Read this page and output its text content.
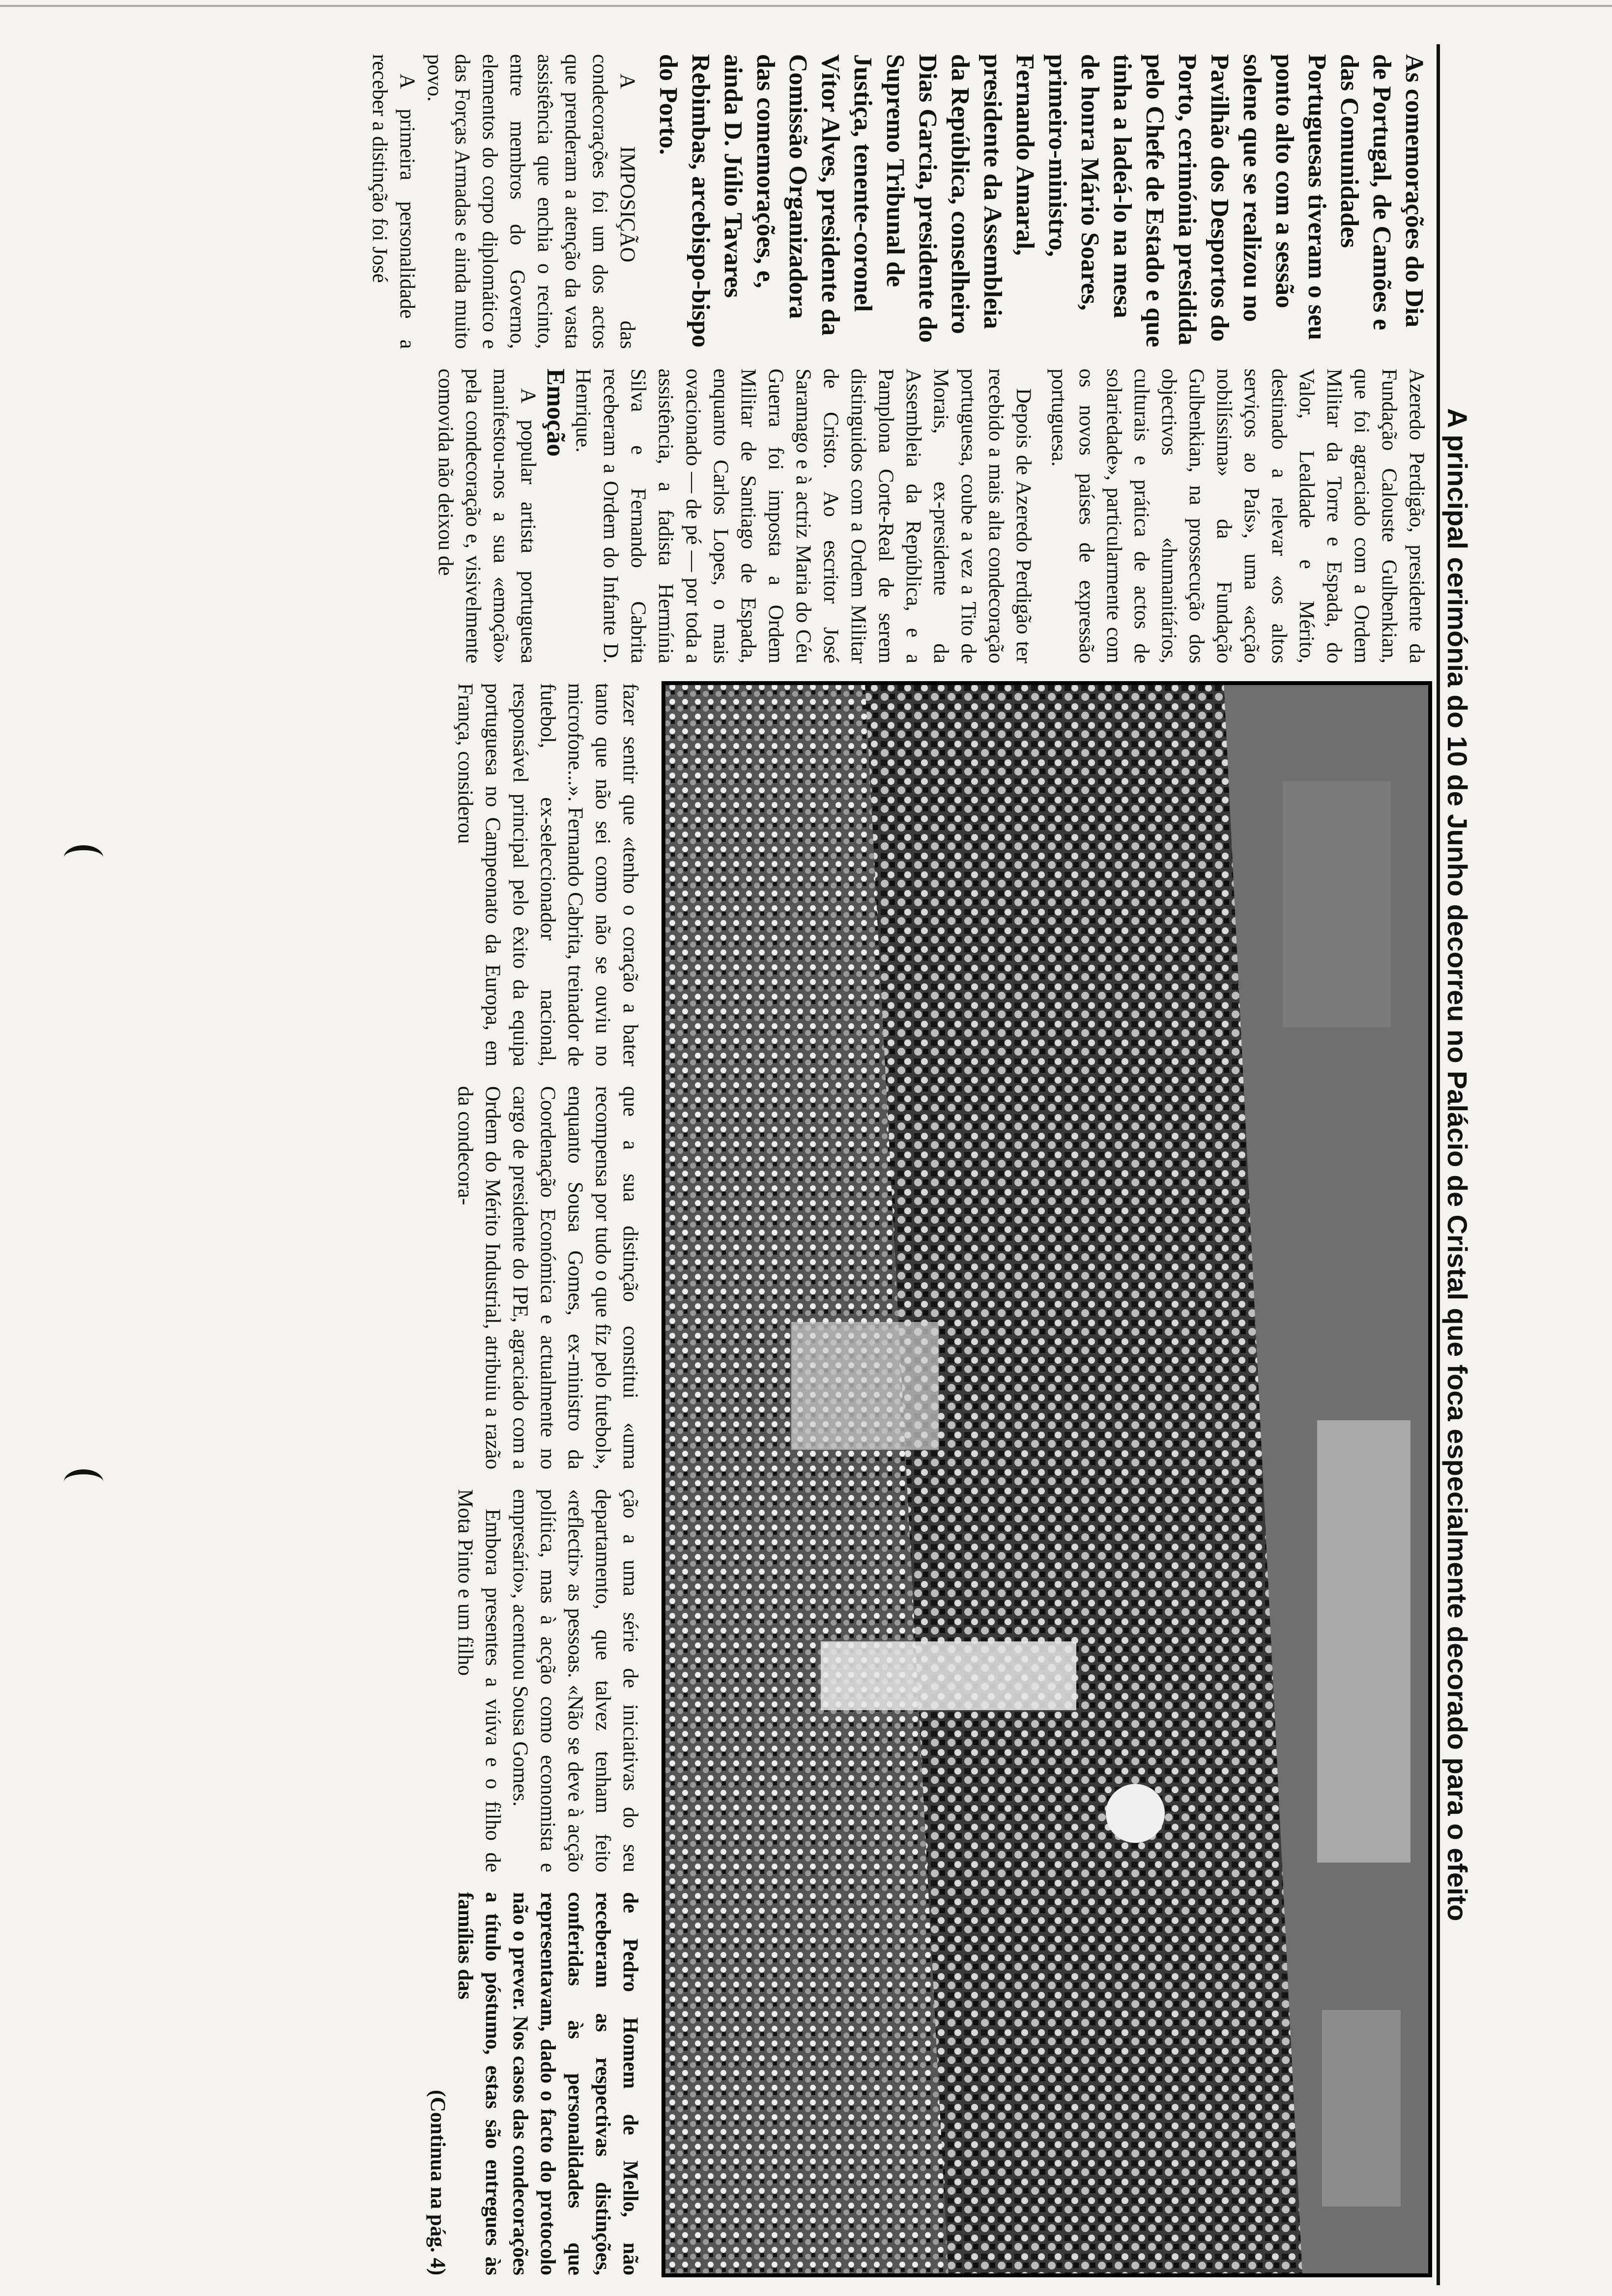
A principal cerimónia do 10 de Junho decorreu no Palácio de Cristal que foca especialmente decorado para o efeito

As comemorações do Dia de Portugal, de Camões e das Comunidades Portuguesas tiveram o seu ponto alto com a sessão solene que se realizou no Pavilhão dos Desportos do Porto, cerimónia presidida pelo Chefe de Estado e que tinha a ladeá-lo na mesa de honra Mário Soares, primeiro-ministro, Fernando Amaral, presidente da Assembleia da República, conselheiro Dias Garcia, presidente do Supremo Tribunal de Justiça, tenente-coronel Vítor Alves, presidente da Comissão Organizadora das comemorações, e, ainda D. Júlio Tavares Rebimbas, arcebispo-bispo do Porto.

A IMPOSIÇÃO das condecorações foi um dos actos que prenderam a atenção da vasta assistência que enchia o recinto, entre membros do Governo, elementos do corpo diplomático e das Forças Armadas e ainda muito povo.

A primeira personalidade a receber a distinção foi José

Azeredo Perdigão, presidente da Fundação Calouste Gulbenkian, que foi agraciado com a Ordem Militar da Torre e Espada, do Valor, Lealdade e Mérito, destinado a relevar «os altos serviços ao País», uma «acção nobilíssima» da Fundação Gulbenkian, na prossecução dos objectivos «humanitários, culturais e prática de actos de solariedade», particularmente com os novos países de expressão portuguesa.

Depois de Azeredo Perdigão ter recebido a mais alta condecoração portuguesa, coube a vez a Tito de Morais, ex-presidente da Assembleia da República, e a Pamplona Corte-Real de serem distinguidos com a Ordem Militar de Cristo. Ao escritor José Saramago e à actriz Maria do Céu Guerra foi imposta a Ordem Militar de Santiago de Espada, enquanto Carlos Lopes, o mais ovacionado — de pé — por toda a assistência, a fadista Hermínia Silva e Fernando Cabrita receberam a Ordem do Infante D. Henrique.

Emoção

A popular artista portuguesa manifestou-nos a sua «emoção» pela condecoração e, visivelmente comovida não deixou de

fazer sentir que «tenho o coração a bater tanto que não sei como não se ouviu no microfone...». Fernando Cabrita, treinador de futebol, ex-seleccionador nacional, responsável principal pelo êxito da equipa portuguesa no Campeonato da Europa, em França, considerou

que a sua distinção constitui «uma recompensa por tudo o que fiz pelo futebol», enquanto Sousa Gomes, ex-ministro da Coordenação Económica e actualmente no cargo de presidente do IPE, agraciado com a Ordem do Mérito Industrial, atribuiu a razão da condecora-

ção a uma série de iniciativas do seu departamento, que talvez tenham feito «reflectir» as pessoas. «Não se deve à acção política, mas à acção como economista e empresário», acentuou Sousa Gomes.

Embora presentes a viúva e o filho de Mota Pinto e um filho

de Pedro Homem de Mello, não receberam as respectivas distinções, conferidas às personalidades que representavam, dado o facto do protocolo não o prever. Nos casos das condecorações a título póstumo, estas são entregues às famílias das

(Continua na pág. 4)
